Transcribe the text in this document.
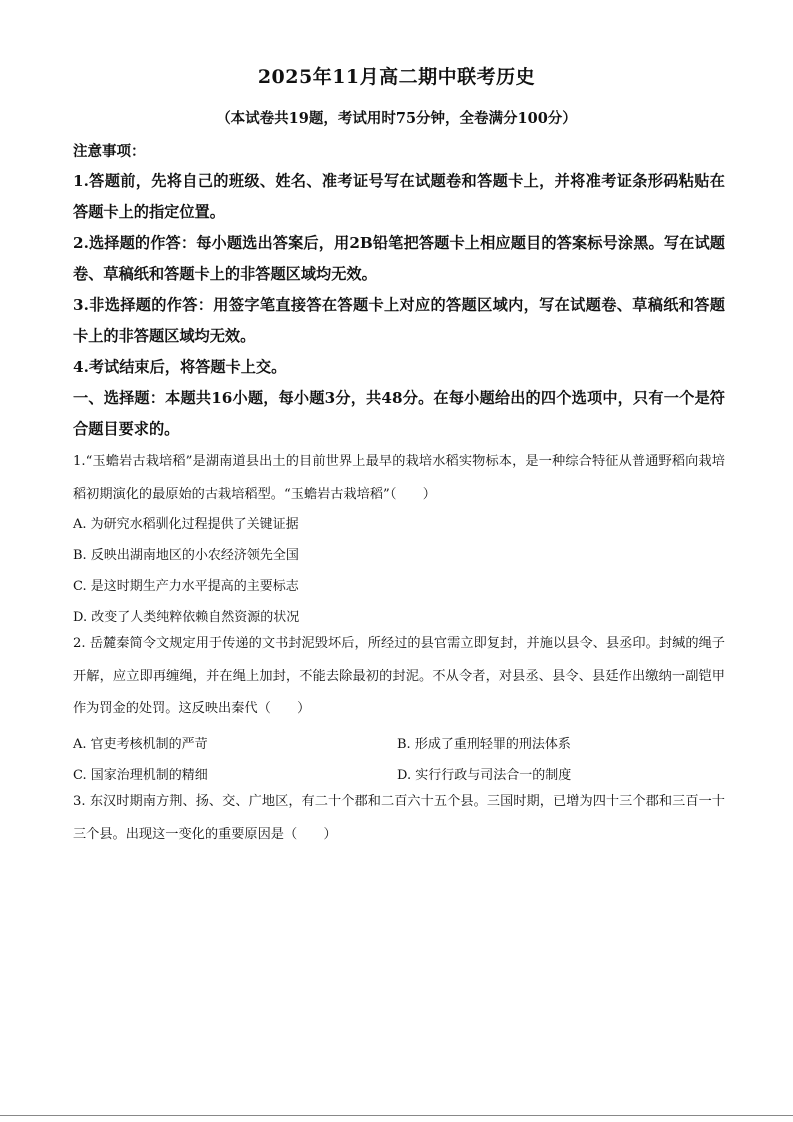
2025年11月高二期中联考历史
（本试卷共19题，考试用时75分钟，全卷满分100分）
注意事项：
1.答题前，先将自己的班级、姓名、准考证号写在试题卷和答题卡上，并将准考证条形码粘贴在答题卡上的指定位置。
2.选择题的作答：每小题选出答案后，用2B铅笔把答题卡上相应题目的答案标号涂黑。写在试题卷、草稿纸和答题卡上的非答题区域均无效。
3.非选择题的作答：用签字笔直接答在答题卡上对应的答题区域内，写在试题卷、草稿纸和答题卡上的非答题区域均无效。
4.考试结束后，将答题卡上交。
一、选择题：本题共16小题，每小题3分，共48分。在每小题给出的四个选项中，只有一个是符合题目要求的。
1.“玉蟾岩古栽培稻”是湖南道县出土的目前世界上最早的栽培水稻实物标本，是一种综合特征从普通野稻向栽培稻初期演化的最原始的古栽培稻型。“玉蟾岩古栽培稻”（　　）
A. 为研究水稻驯化过程提供了关键证据
B. 反映出湖南地区的小农经济领先全国
C. 是这时期生产力水平提高的主要标志
D. 改变了人类纯粹依赖自然资源的状况
2. 岳麓秦简令文规定用于传递的文书封泥毁坏后，所经过的县官需立即复封，并施以县令、县丞印。封缄的绳子开解，应立即再缠绳，并在绳上加封，不能去除最初的封泥。不从令者，对县丞、县令、县廷作出缴纳一副铠甲作为罚金的处罚。这反映出秦代（　　）
A. 官吏考核机制的严苛	B. 形成了重刑轻罪的刑法体系
C. 国家治理机制的精细	D. 实行行政与司法合一的制度
3. 东汉时期南方荆、扬、交、广地区，有二十个郡和二百六十五个县。三国时期，已增为四十三个郡和三百一十三个县。出现这一变化的重要原因是（　　）
